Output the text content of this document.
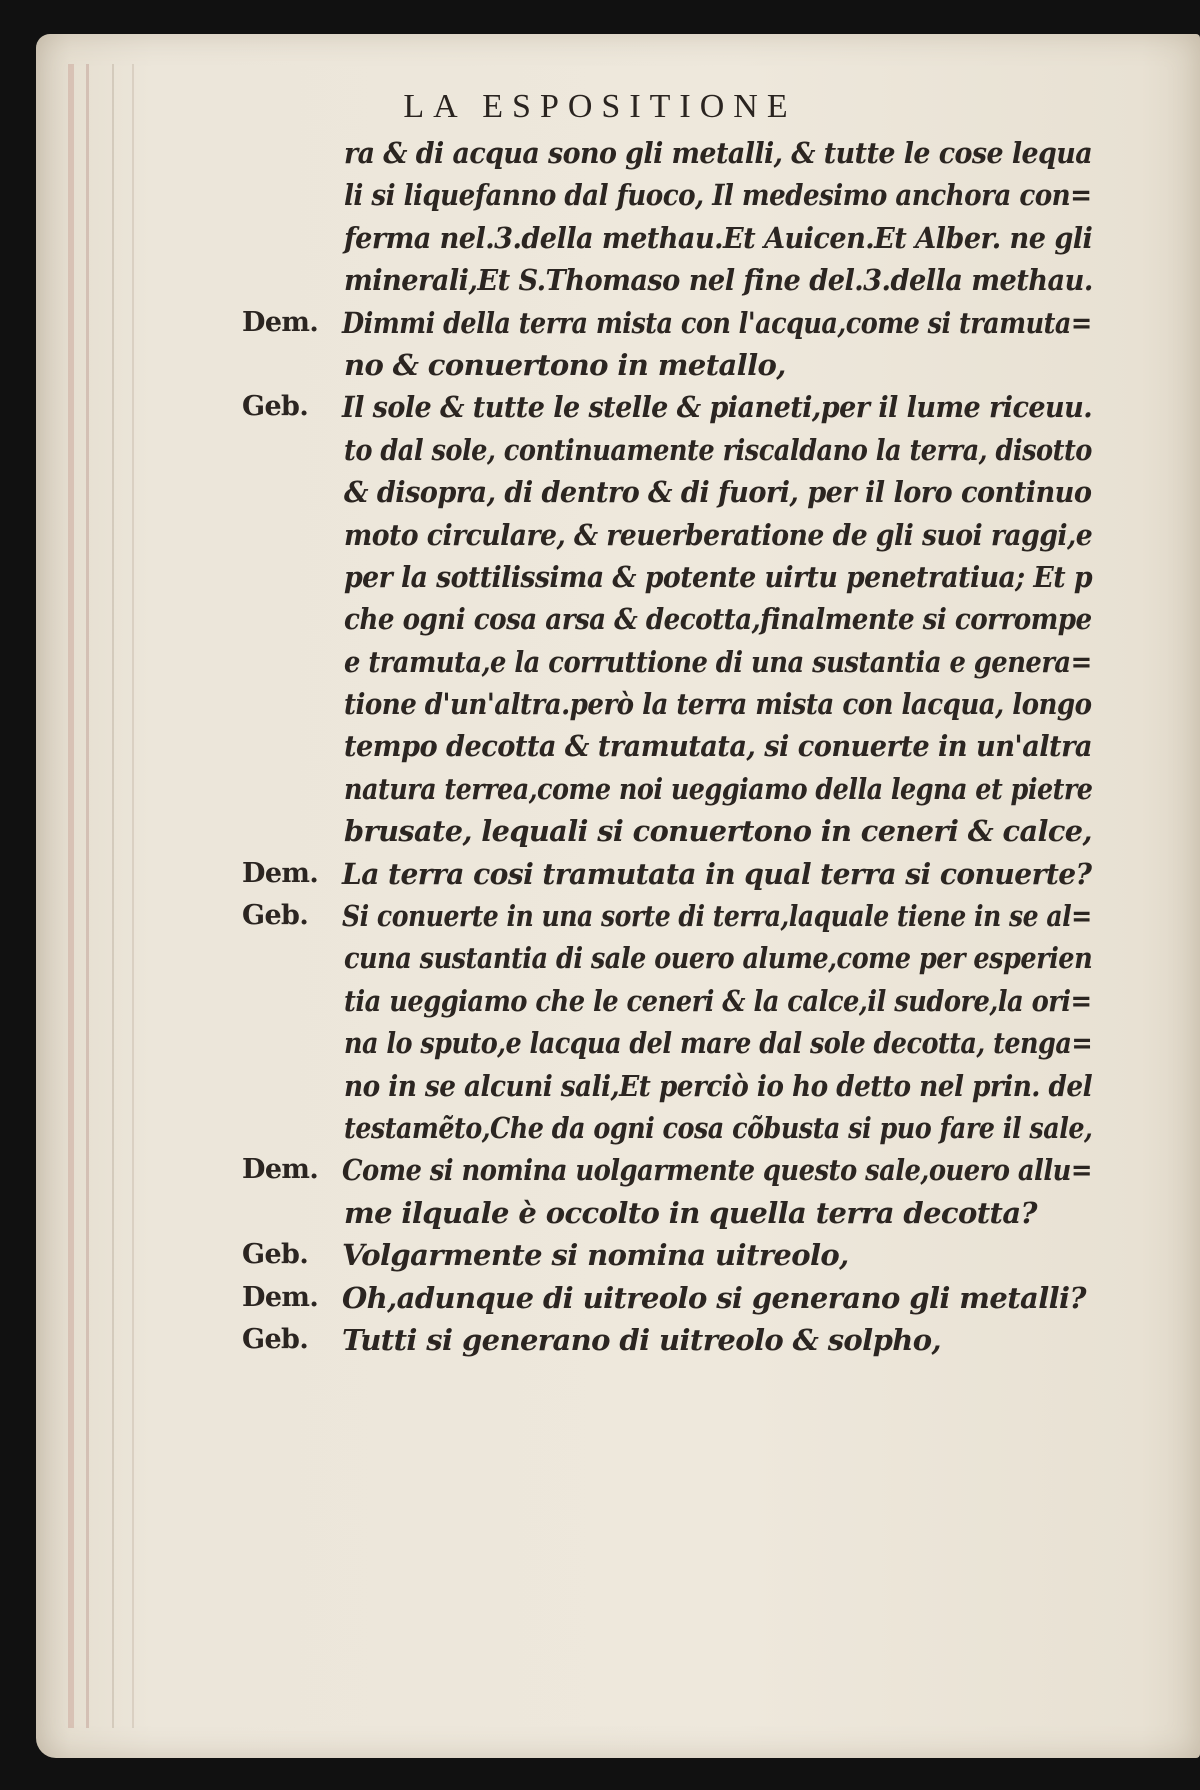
LA ESPOSITIONE
ra & di acqua sono gli metalli, & tutte le cose lequa
li si liquefanno dal fuoco, Il medesimo anchora con=
ferma nel.3.della methau.Et Auicen.Et Alber. ne gli
minerali,Et S.Thomaso nel fine del.3.della methau.
Dem. Dimmi della terra mista con l'acqua,come si tramuta=
no & conuertono in metallo,
Geb. Il sole & tutte le stelle & pianeti,per il lume riceuu.
to dal sole, continuamente riscaldano la terra, disotto
& disopra, di dentro & di fuori, per il loro continuo
moto circulare, & reuerberatione de gli suoi raggi,e
per la sottilissima & potente uirtu penetratiua; Et p
che ogni cosa arsa & decotta,finalmente si corrompe
e tramuta,e la corruttione di una sustantia e genera=
tione d'un'altra.però la terra mista con lacqua, longo
tempo decotta & tramutata, si conuerte in un'altra
natura terrea,come noi ueggiamo della legna et pietre
brusate, lequali si conuertono in ceneri & calce,
Dem. La terra cosi tramutata in qual terra si conuerte?
Geb. Si conuerte in una sorte di terra,laquale tiene in se al=
cuna sustantia di sale ouero alume,come per esperien
tia ueggiamo che le ceneri & la calce,il sudore,la ori=
na lo sputo,e lacqua del mare dal sole decotta, tenga=
no in se alcuni sali,Et perciò io ho detto nel prin. del
testamẽto,Che da ogni cosa cõbusta si puo fare il sale,
Dem. Come si nomina uolgarmente questo sale,ouero allu=
me ilquale è occolto in quella terra decotta?
Geb. Volgarmente si nomina uitreolo,
Dem. Oh,adunque di uitreolo si generano gli metalli?
Geb. Tutti si generano di uitreolo & solpho,
